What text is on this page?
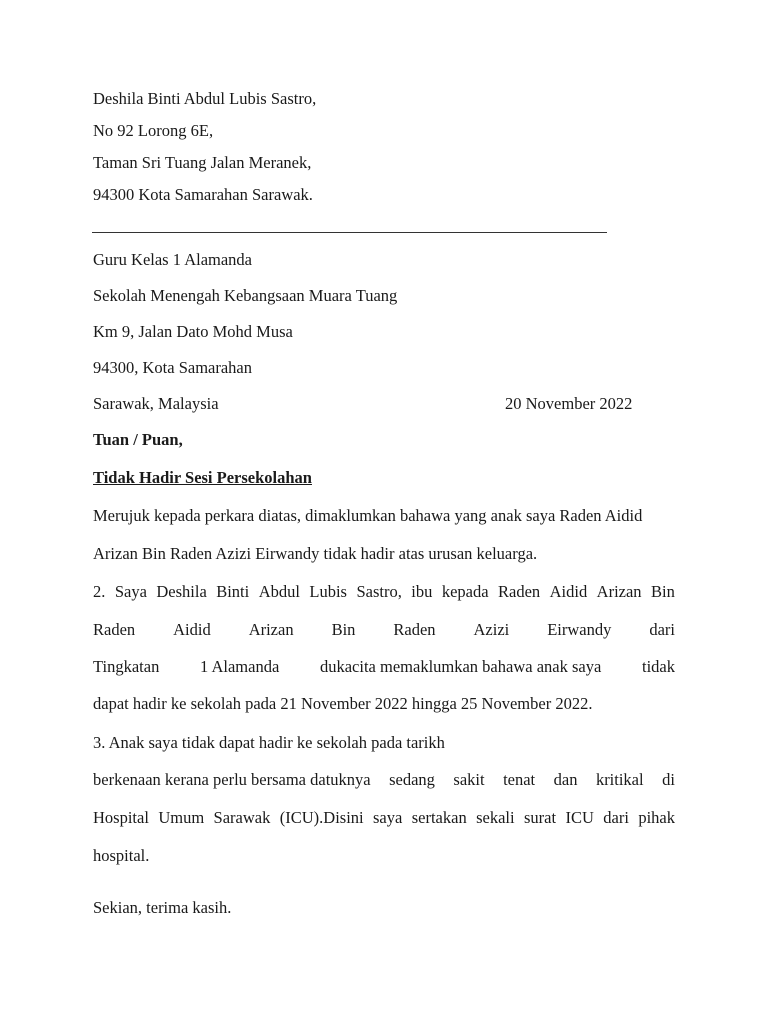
Deshila Binti Abdul Lubis Sastro,
No 92 Lorong 6E,
Taman Sri Tuang Jalan Meranek,
94300 Kota Samarahan Sarawak.
Guru Kelas 1 Alamanda
Sekolah Menengah Kebangsaan Muara Tuang
Km 9, Jalan Dato Mohd Musa
94300, Kota Samarahan
Sarawak, Malaysia	20 November 2022
Tuan / Puan,
Tidak Hadir Sesi Persekolahan
Merujuk kepada perkara diatas, dimaklumkan bahawa yang anak saya Raden Aidid
Arizan Bin Raden Azizi Eirwandy tidak hadir atas urusan keluarga.
2. Saya Deshila Binti Abdul Lubis Sastro, ibu kepada Raden Aidid Arizan Bin
Raden Aidid Arizan Bin Raden Azizi Eirwandy dari
Tingkatan 1 Alamanda dukacita memaklumkan bahawa anak saya tidak
dapat hadir ke sekolah pada 21 November 2022 hingga 25 November 2022.
3. Anak saya tidak dapat hadir ke sekolah pada tarikh
berkenaan kerana perlu bersama datuknya sedang sakit tenat dan kritikal di
Hospital Umum Sarawak (ICU).Disini saya sertakan sekali surat ICU dari pihak
hospital.
Sekian, terima kasih.
